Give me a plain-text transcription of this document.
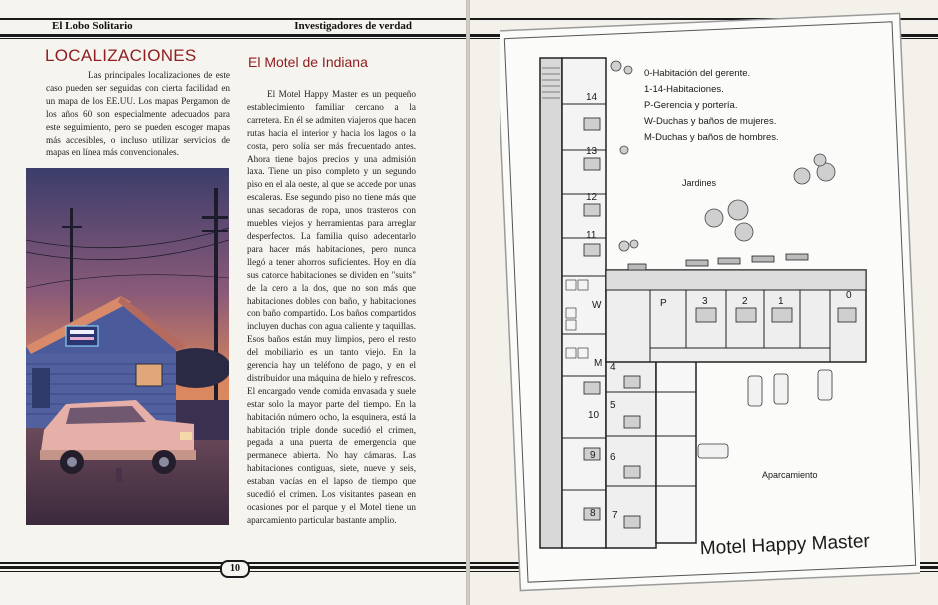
El Lobo Solitario	Investigadores de verdad
LOCALIZACIONES

Las principales localizaciones de este caso pueden ser seguidas con cierta facilidad en un mapa de los EE.UU. Los mapas Pergamon de los años 60 son especialmente adecuados para este seguimiento, pero se pueden escoger mapas más accesibles, o incluso utilizar servicios de mapas en línea más convencionales.

El Motel de Indiana

El Motel Happy Master es un pequeño establecimiento familiar cercano a la carretera. En él se admiten viajeros que hacen rutas hacia el interior y hacia los lagos o la costa, pero solía ser más frecuentado antes. Ahora tiene bajos precios y una admisión laxa. Tiene un piso completo y un segundo piso en el ala oeste, al que se accede por unas escaleras. Ese segundo piso no tiene más que unas secadoras de ropa, unos trasteros con muebles viejos y herramientas para arreglar desperfectos. La familia quiso adecentarlo para hacer más habitaciones, pero nunca llegó a tener ahorros suficientes. Hoy en día sus catorce habitaciones se dividen en "suits" de la cero a la dos, que no son más que habitaciones dobles con baño, y habitaciones con baño compartido. Los baños compartidos incluyen duchas con agua caliente y taquillas. Esos baños están muy limpios, pero el resto del mobiliario es un tanto viejo. En la gerencia hay un teléfono de pago, y en el distribuidor una máquina de hielo y refrescos. El encargado vende comida envasada y suele estar solo la mayor parte del tiempo. En la habitación número ocho, la esquinera, está la habitación triple donde sucedió el crimen, pegada a una puerta de emergencia que permanece abierta. No hay cámaras. Las habitaciones contiguas, siete, nueve y seis, estaban vacías en el lapso de tiempo que sucedió el crimen. Los visitantes pasean en ocasiones por el parque y el Motel tiene un aparcamiento particular bastante amplio.

10
0-Habitación del gerente.
1-14-Habitaciones.
P-Gerencia y portería.
W-Duchas y baños de mujeres.
M-Duchas y baños de hombres.
Jardines
14
13
12
11
W
M
10
9
8
4
5
6
7
P	3	2	1
0
Aparcamiento
Motel Happy Master
